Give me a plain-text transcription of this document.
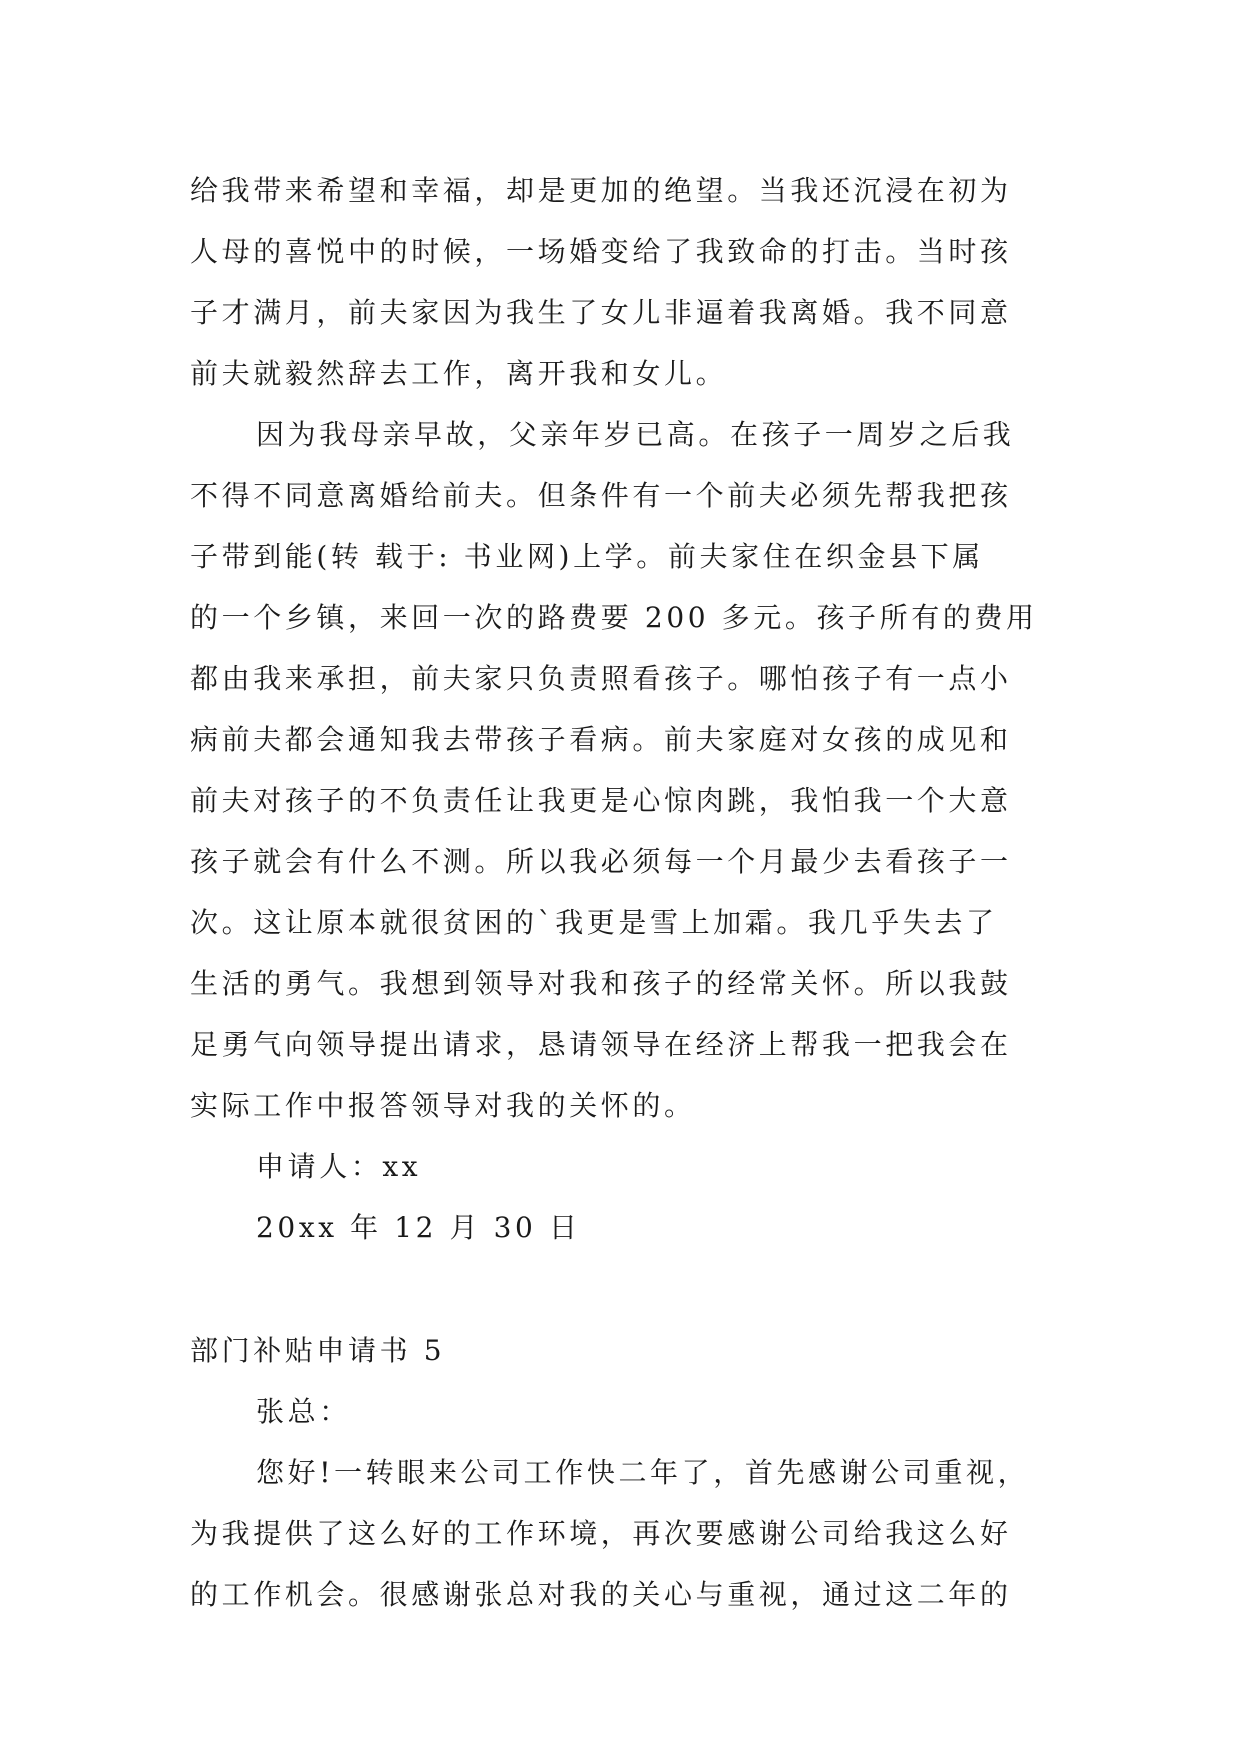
给我带来希望和幸福，却是更加的绝望。当我还沉浸在初为
人母的喜悦中的时候，一场婚变给了我致命的打击。当时孩
子才满月，前夫家因为我生了女儿非逼着我离婚。我不同意
前夫就毅然辞去工作，离开我和女儿。
因为我母亲早故，父亲年岁已高。在孩子一周岁之后我
不得不同意离婚给前夫。但条件有一个前夫必须先帮我把孩
子带到能(转 载于: 书业网)上学。前夫家住在织金县下属
的一个乡镇，来回一次的路费要 200 多元。孩子所有的费用
都由我来承担，前夫家只负责照看孩子。哪怕孩子有一点小
病前夫都会通知我去带孩子看病。前夫家庭对女孩的成见和
前夫对孩子的不负责任让我更是心惊肉跳，我怕我一个大意
孩子就会有什么不测。所以我必须每一个月最少去看孩子一
次。这让原本就很贫困的`我更是雪上加霜。我几乎失去了
生活的勇气。我想到领导对我和孩子的经常关怀。所以我鼓
足勇气向领导提出请求，恳请领导在经济上帮我一把我会在
实际工作中报答领导对我的关怀的。
申请人：xx
20xx 年 12 月 30 日
部门补贴申请书 5
张总：
您好!一转眼来公司工作快二年了，首先感谢公司重视，
为我提供了这么好的工作环境，再次要感谢公司给我这么好
的工作机会。很感谢张总对我的关心与重视，通过这二年的
